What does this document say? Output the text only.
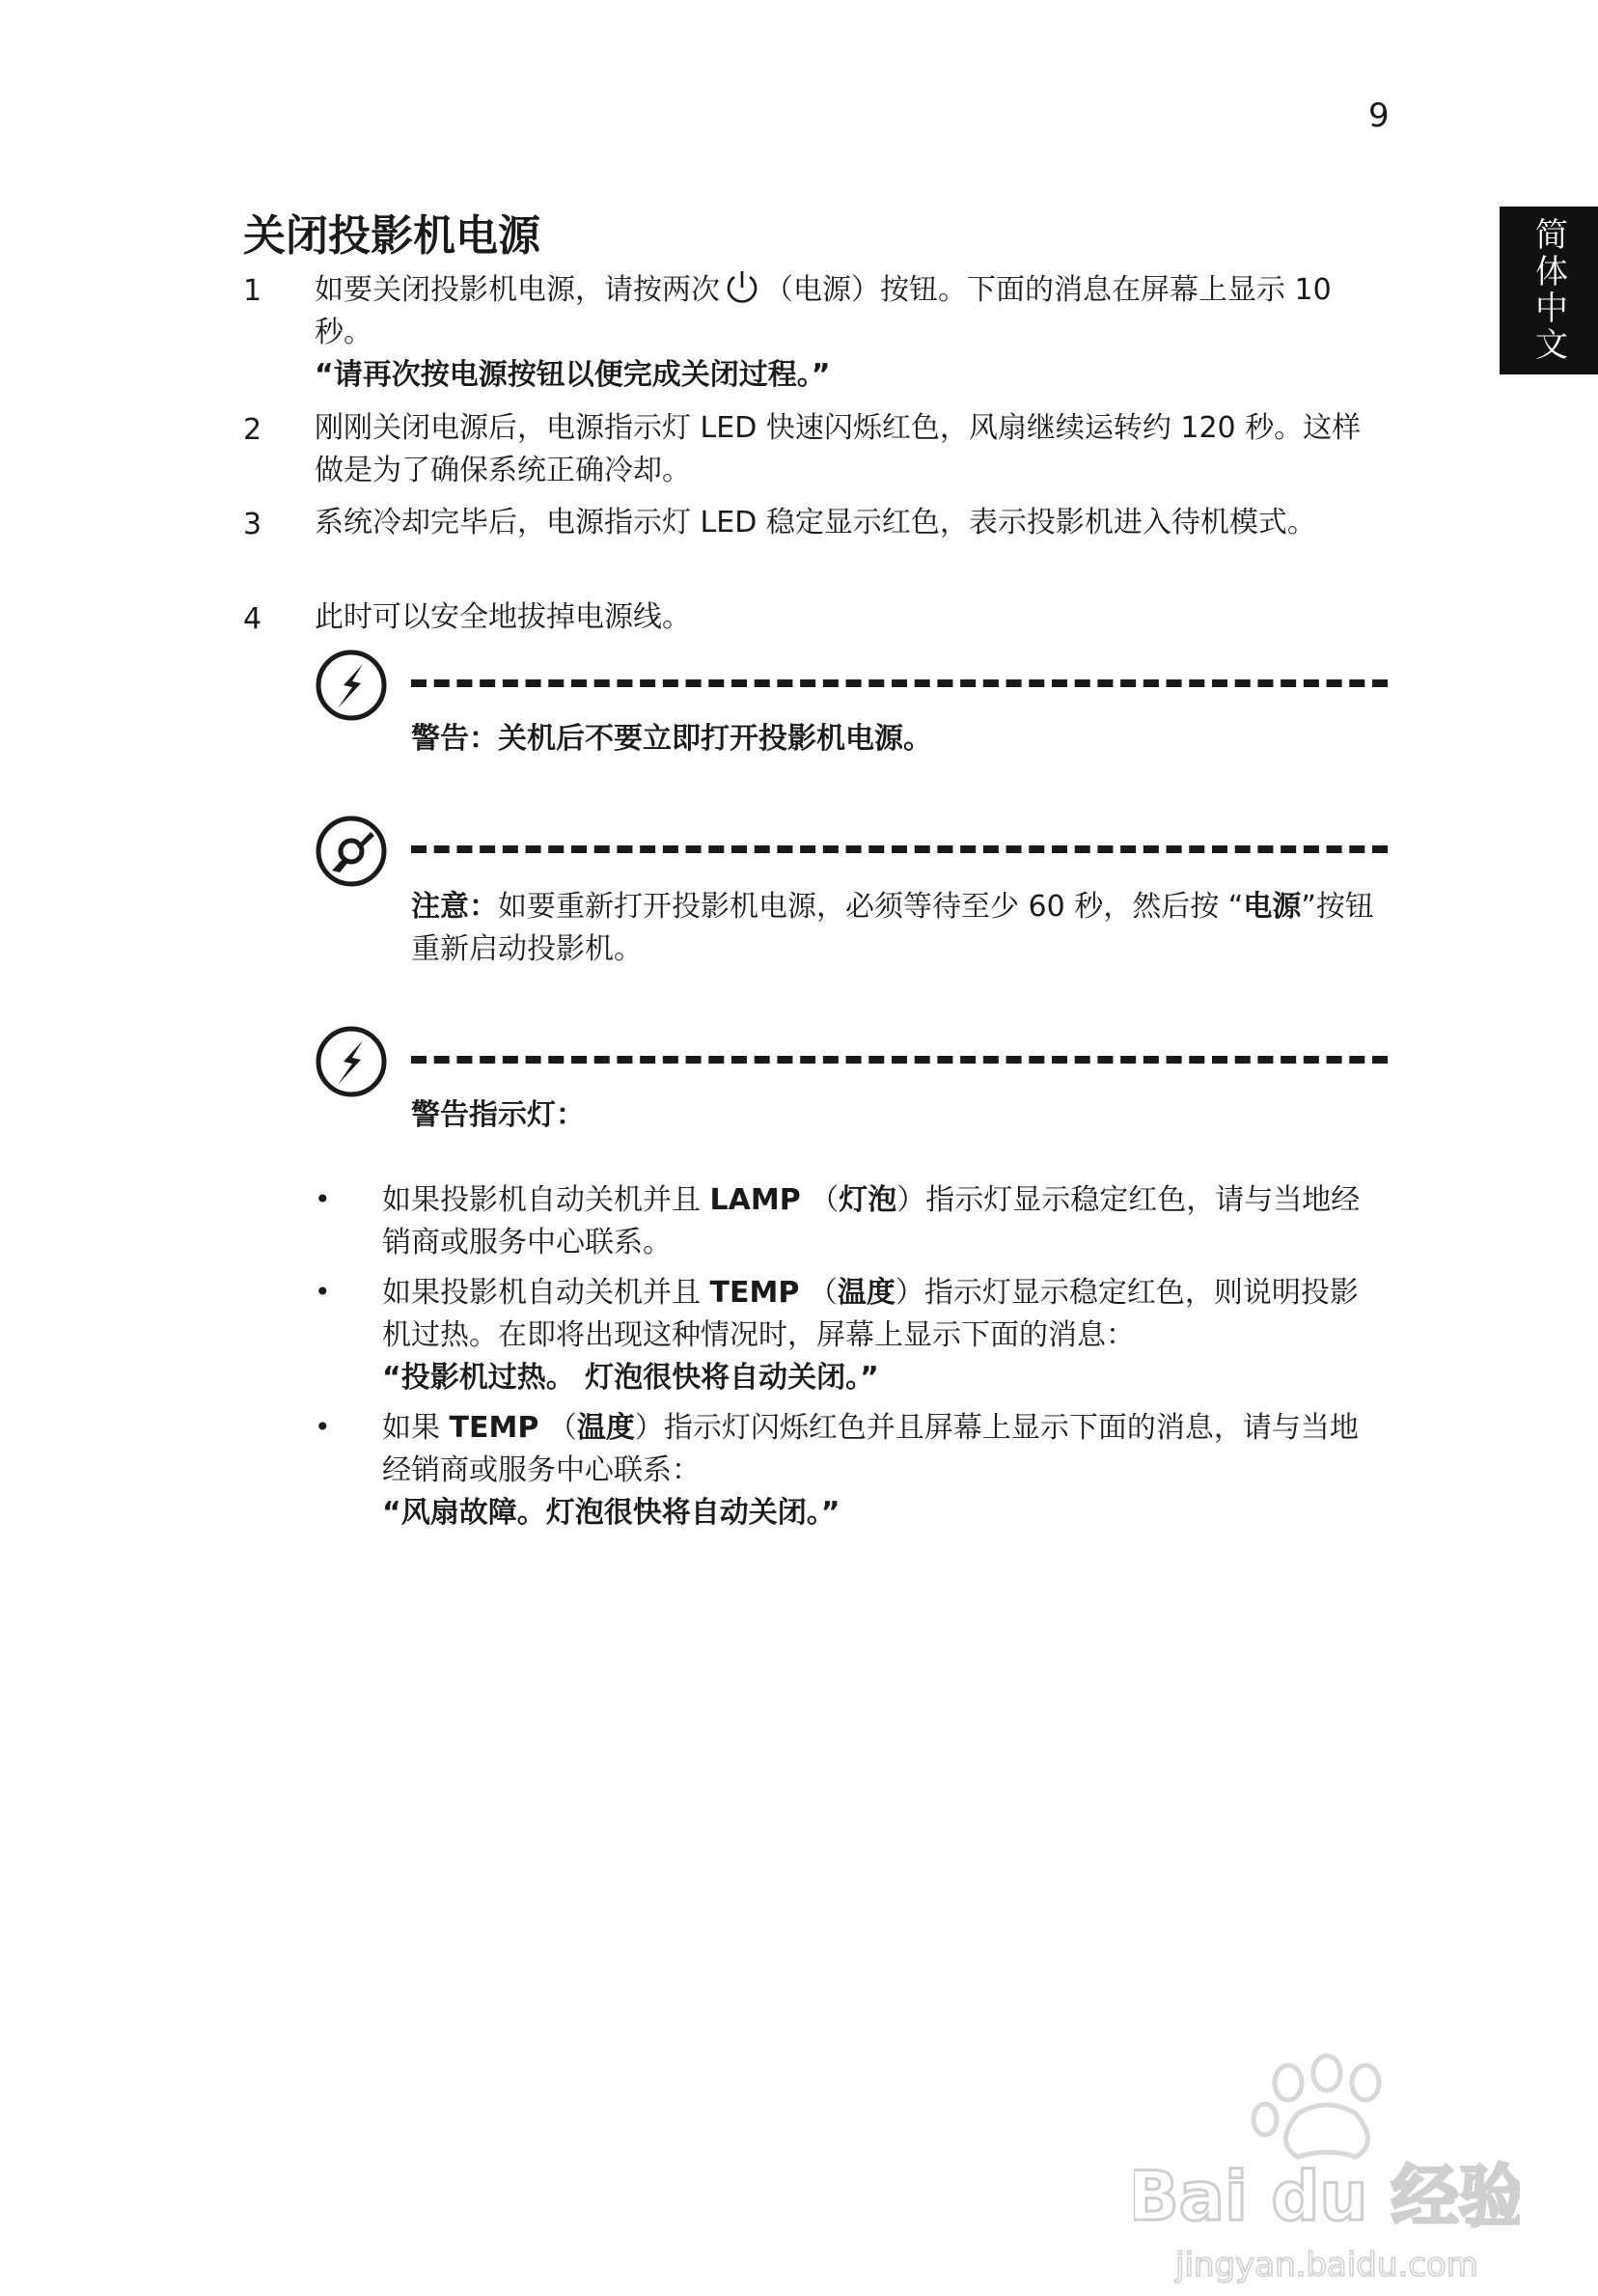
9
简体中文
关闭投影机电源
1 如要关闭投影机电源，请按两次 （电源）按钮。下面的消息在屏幕上显示 10 秒。
“请再次按电源按钮以便完成关闭过程。”
2 刚刚关闭电源后，电源指示灯 LED 快速闪烁红色，风扇继续运转约 120 秒。这样做是为了确保系统正确冷却。
3 系统冷却完毕后，电源指示灯 LED 稳定显示红色，表示投影机进入待机模式。
4 此时可以安全地拔掉电源线。
警告：关机后不要立即打开投影机电源。
注意：如要重新打开投影机电源，必须等待至少 60 秒，然后按 “电源”按钮重新启动投影机。
警告指示灯：
• 如果投影机自动关机并且 LAMP （灯泡）指示灯显示稳定红色，请与当地经销商或服务中心联系。
• 如果投影机自动关机并且 TEMP （温度）指示灯显示稳定红色，则说明投影机过热。在即将出现这种情况时，屏幕上显示下面的消息：
“投影机过热。 灯泡很快将自动关闭。”
• 如果 TEMP （温度）指示灯闪烁红色并且屏幕上显示下面的消息，请与当地经销商或服务中心联系：
“风扇故障。灯泡很快将自动关闭。”
Bai du 经验
jingyan.baidu.com
